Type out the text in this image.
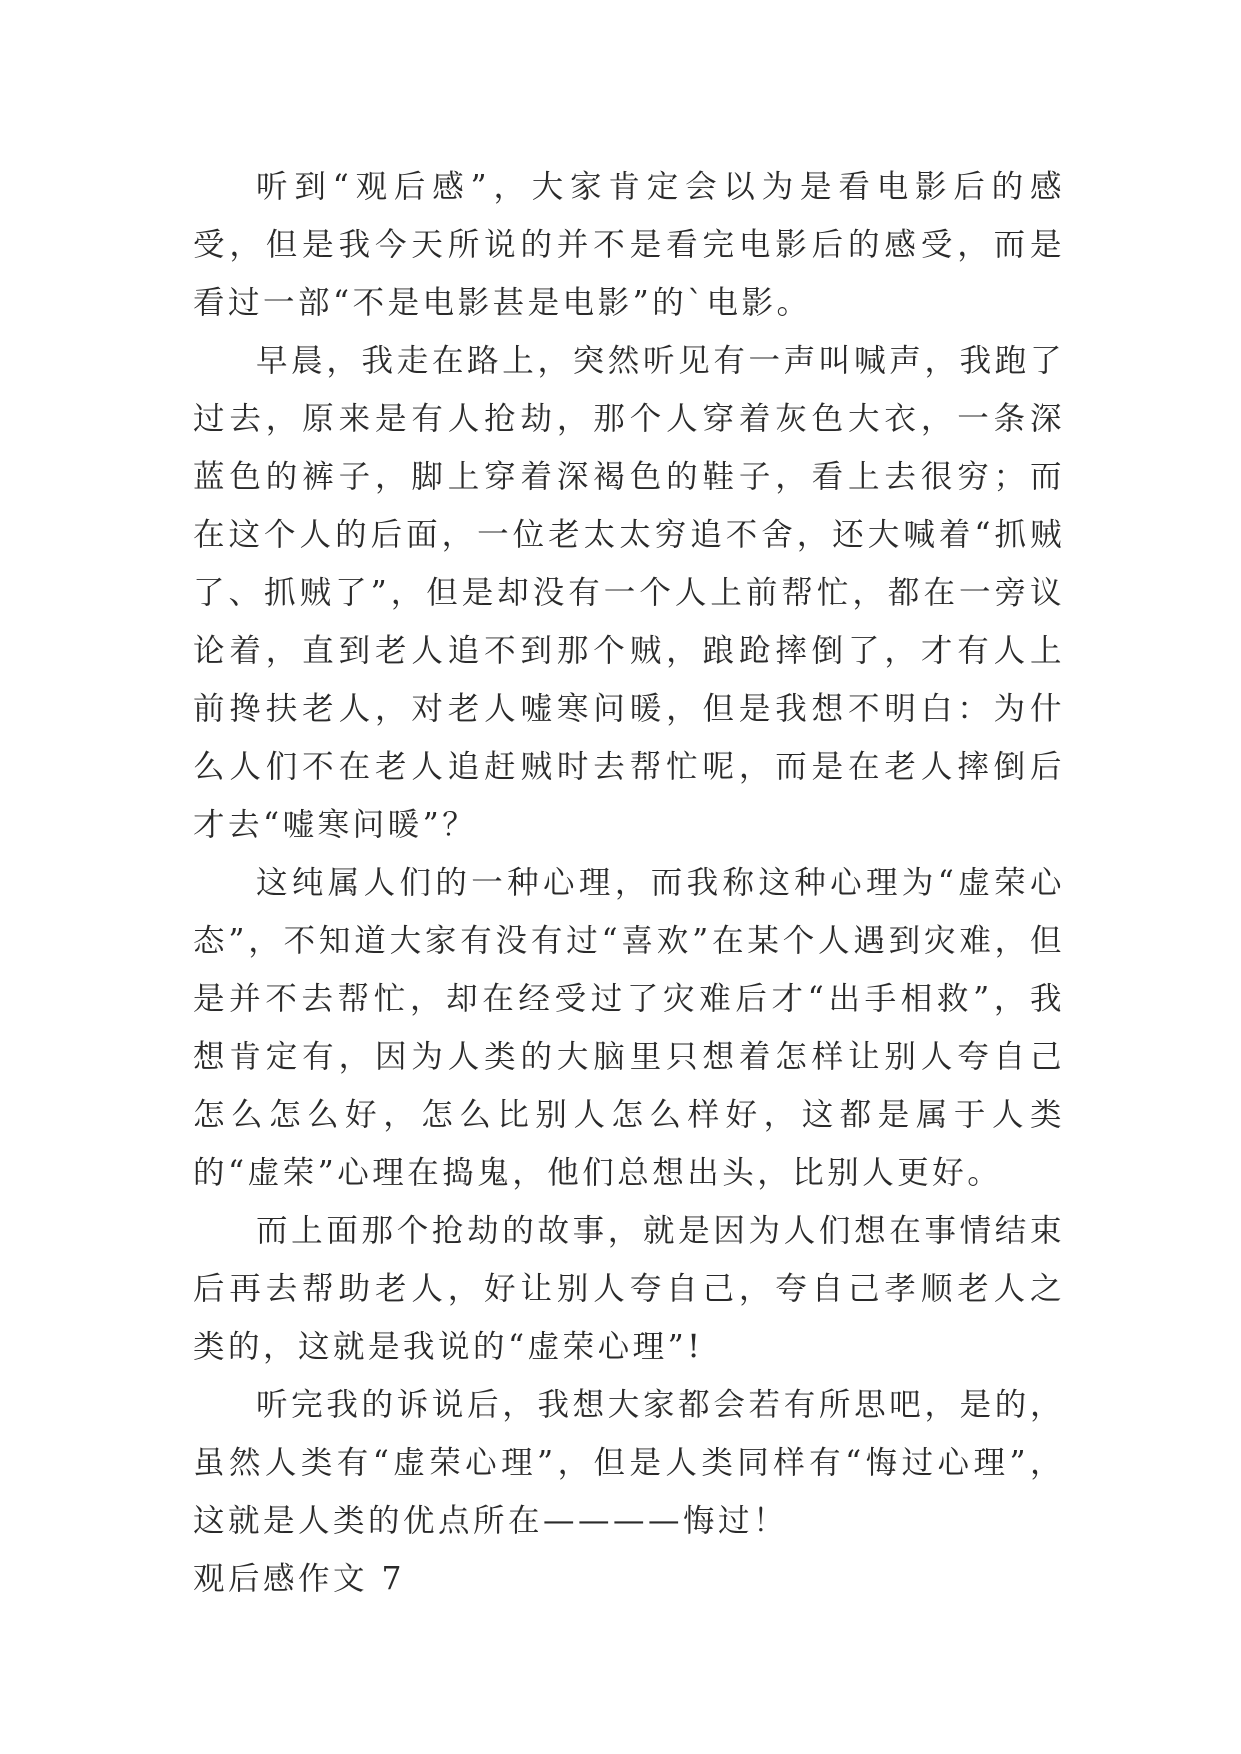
听到“观后感”，大家肯定会以为是看电影后的感受，但是我今天所说的并不是看完电影后的感受，而是看过一部“不是电影甚是电影”的`电影。

早晨，我走在路上，突然听见有一声叫喊声，我跑了过去，原来是有人抢劫，那个人穿着灰色大衣，一条深蓝色的裤子，脚上穿着深褐色的鞋子，看上去很穷；而在这个人的后面，一位老太太穷追不舍，还大喊着“抓贼了、抓贼了”，但是却没有一个人上前帮忙，都在一旁议论着，直到老人追不到那个贼，踉跄摔倒了，才有人上前搀扶老人，对老人嘘寒问暖，但是我想不明白：为什么人们不在老人追赶贼时去帮忙呢，而是在老人摔倒后才去“嘘寒问暖”？

这纯属人们的一种心理，而我称这种心理为“虚荣心态”，不知道大家有没有过“喜欢”在某个人遇到灾难，但是并不去帮忙，却在经受过了灾难后才“出手相救”，我想肯定有，因为人类的大脑里只想着怎样让别人夸自己怎么怎么好，怎么比别人怎么样好，这都是属于人类的“虚荣”心理在捣鬼，他们总想出头，比别人更好。

而上面那个抢劫的故事，就是因为人们想在事情结束后再去帮助老人，好让别人夸自己，夸自己孝顺老人之类的，这就是我说的“虚荣心理”!

听完我的诉说后，我想大家都会若有所思吧，是的，虽然人类有“虚荣心理”，但是人类同样有“悔过心理”，这就是人类的优点所在————悔过！

观后感作文 7
